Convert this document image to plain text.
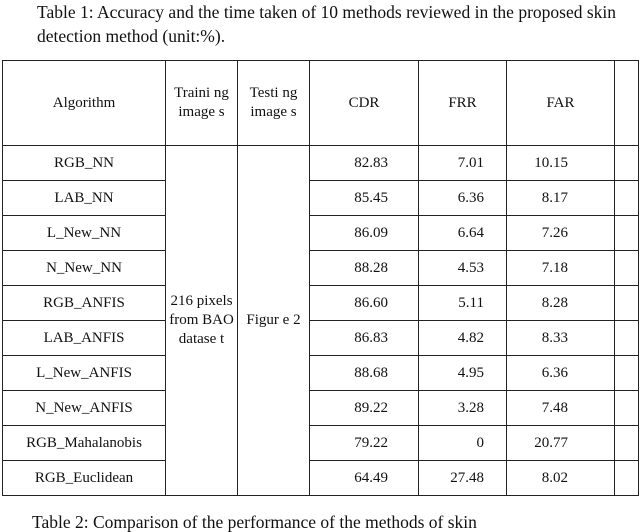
Table 1: Accuracy and the time taken of 10 methods reviewed in the proposed skin detection method (unit:%).
Algorithm	Traini ng image s	Testi ng image s	CDR	FRR	FAR	
RGB_NN	216 pixels from BAO datase t	Figur e 2	82.83	7.01	10.15	
LAB_NN			85.45	6.36	8.17	
L_New_NN			86.09	6.64	7.26	
N_New_NN			88.28	4.53	7.18	
RGB_ANFIS			86.60	5.11	8.28	
LAB_ANFIS			86.83	4.82	8.33	
L_New_ANFIS			88.68	4.95	6.36	
N_New_ANFIS			89.22	3.28	7.48	
RGB_Mahalanobis			79.22	0	20.77	
RGB_Euclidean			64.49	27.48	8.02	
Table 2: Comparison of the performance of the methods of skin
